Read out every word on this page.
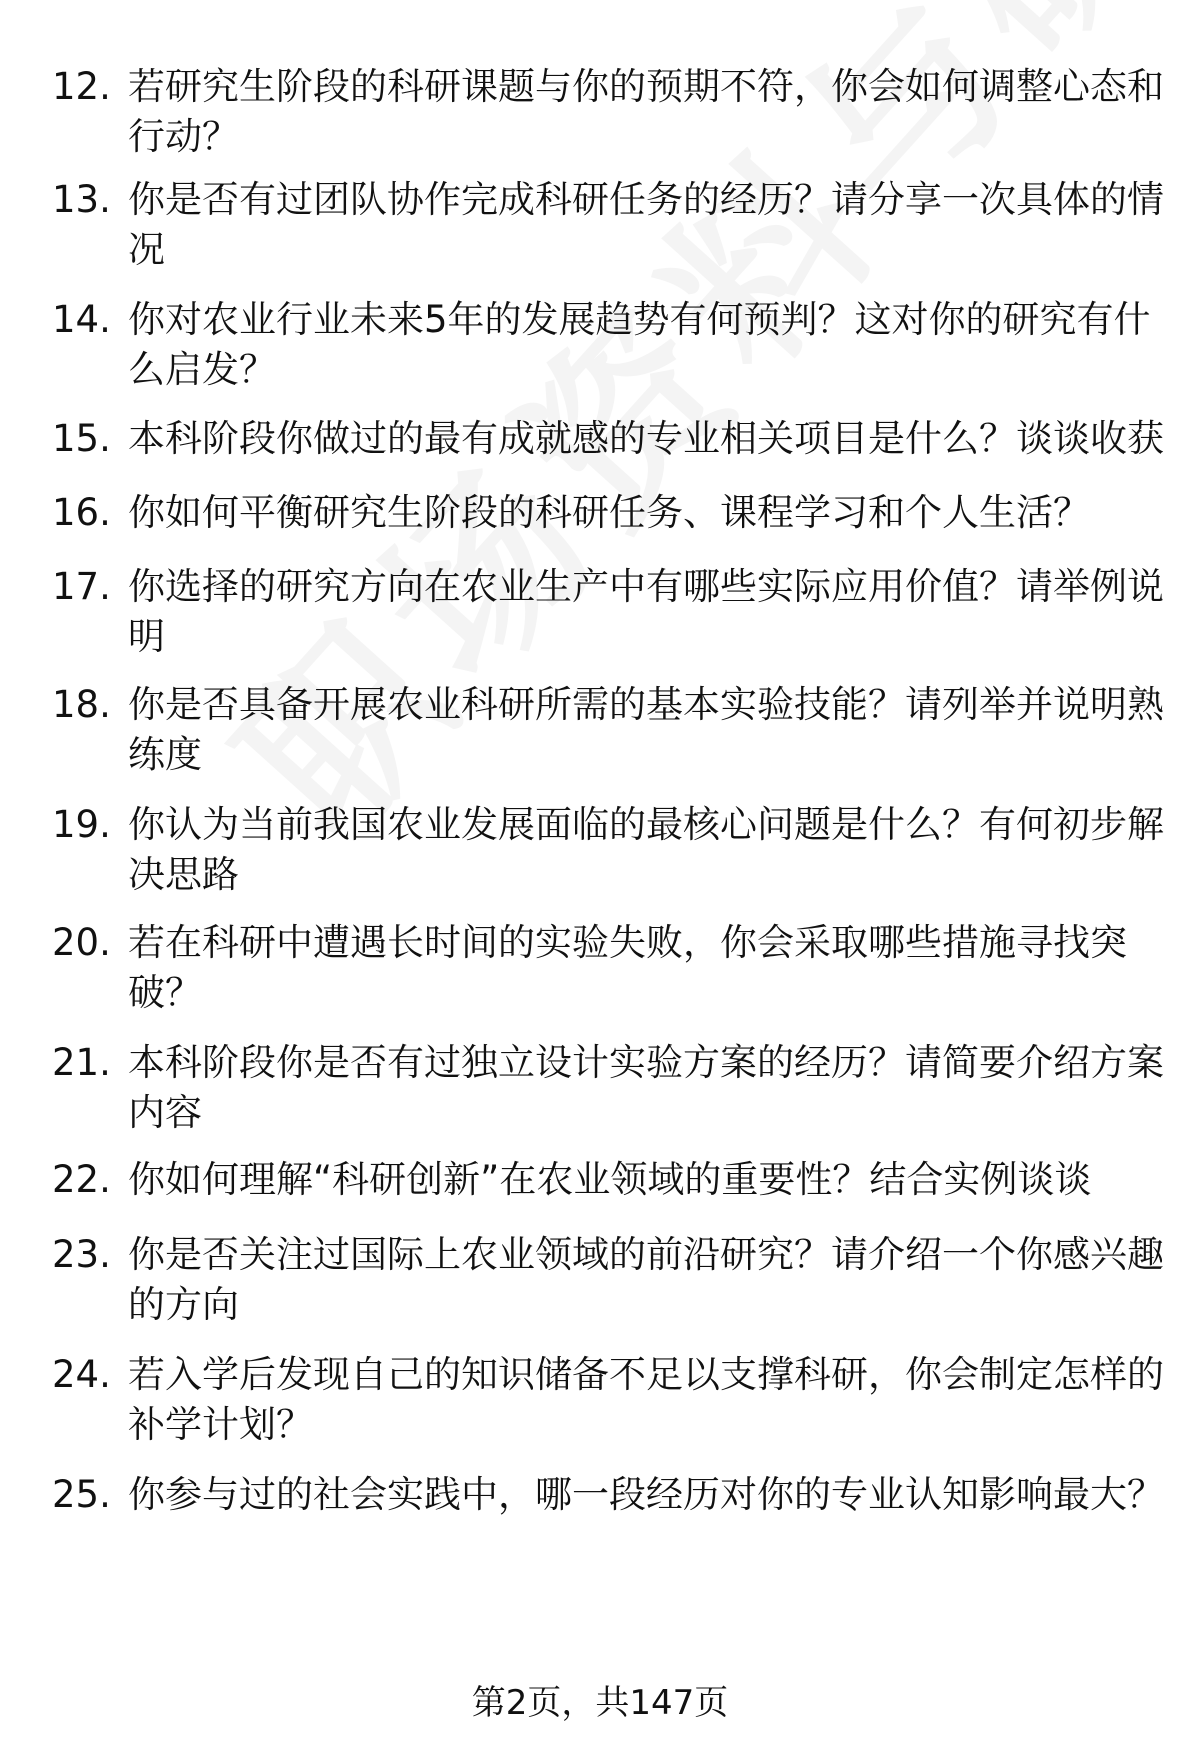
12. 若研究生阶段的科研课题与你的预期不符，你会如何调整心态和行动？
13. 你是否有过团队协作完成科研任务的经历？请分享一次具体的情况
14. 你对农业行业未来5年的发展趋势有何预判？这对你的研究有什么启发？
15. 本科阶段你做过的最有成就感的专业相关项目是什么？谈谈收获
16. 你如何平衡研究生阶段的科研任务、课程学习和个人生活？
17. 你选择的研究方向在农业生产中有哪些实际应用价值？请举例说明
18. 你是否具备开展农业科研所需的基本实验技能？请列举并说明熟练度
19. 你认为当前我国农业发展面临的最核心问题是什么？有何初步解决思路
20. 若在科研中遭遇长时间的实验失败，你会采取哪些措施寻找突破？
21. 本科阶段你是否有过独立设计实验方案的经历？请简要介绍方案内容
22. 你如何理解“科研创新”在农业领域的重要性？结合实例谈谈
23. 你是否关注过国际上农业领域的前沿研究？请介绍一个你感兴趣的方向
24. 若入学后发现自己的知识储备不足以支撑科研，你会制定怎样的补学计划？
25. 你参与过的社会实践中，哪一段经历对你的专业认知影响最大？
第2页，共147页
